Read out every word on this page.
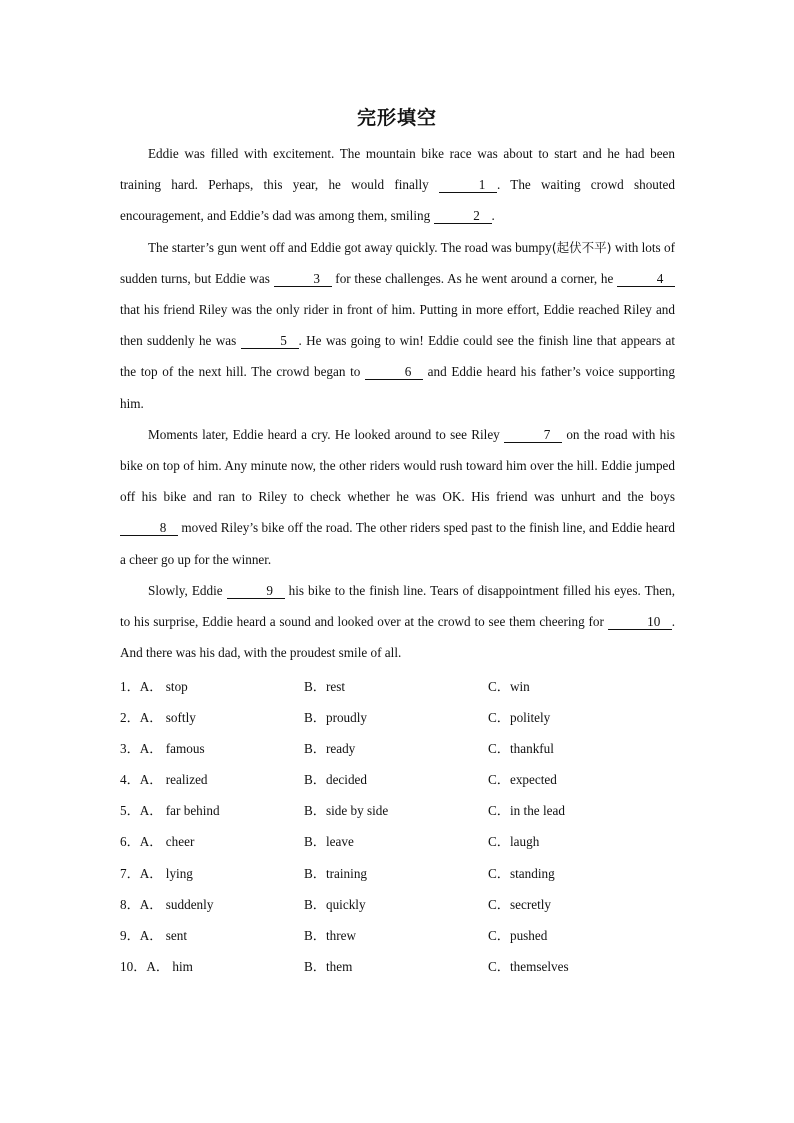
完形填空

Eddie was filled with excitement. The mountain bike race was about to start and he had been training hard. Perhaps, this year, he would finally	1 . The waiting crowd shouted encouragement, and Eddie’s dad was among them, smiling	2 .

The starter’s gun went off and Eddie got away quickly. The road was bumpy(起伏不平) with lots of sudden turns, but Eddie was	3 for these challenges. As he went around a corner, he	4 that his friend Riley was the only rider in front of him. Putting in more effort, Eddie reached Riley and then suddenly he was	5 . He was going to win! Eddie could see the finish line that appears at the top of the next hill. The crowd began to	6 and Eddie heard his father’s voice supporting him.

Moments later, Eddie heard a cry. He looked around to see Riley	7 on the road with his bike on top of him. Any minute now, the other riders would rush toward him over the hill. Eddie jumped off his bike and ran to Riley to check whether he was OK. His friend was unhurt and the boys 8 moved Riley’s bike off the road. The other riders sped past to the finish line, and Eddie heard a cheer go up for the winner.

Slowly, Eddie	9 his bike to the finish line. Tears of disappointment filled his eyes. Then, to his surprise, Eddie heard a sound and looked over at the crowd to see them cheering for	10 . And there was his dad, with the proudest smile of all.

1．A． stop	B．rest	C．win
2．A． softly	B．proudly	C．politely
3．A． famous	B．ready	C．thankful
4．A． realized	B．decided	C．expected
5．A． far behind	B．side by side	C．in the lead
6．A． cheer	B．leave	C．laugh
7．A． lying	B．training	C．standing
8．A． suddenly	B．quickly	C．secretly
9．A． sent	B．threw	C．pushed
10．A． him	B．them	C．themselves
